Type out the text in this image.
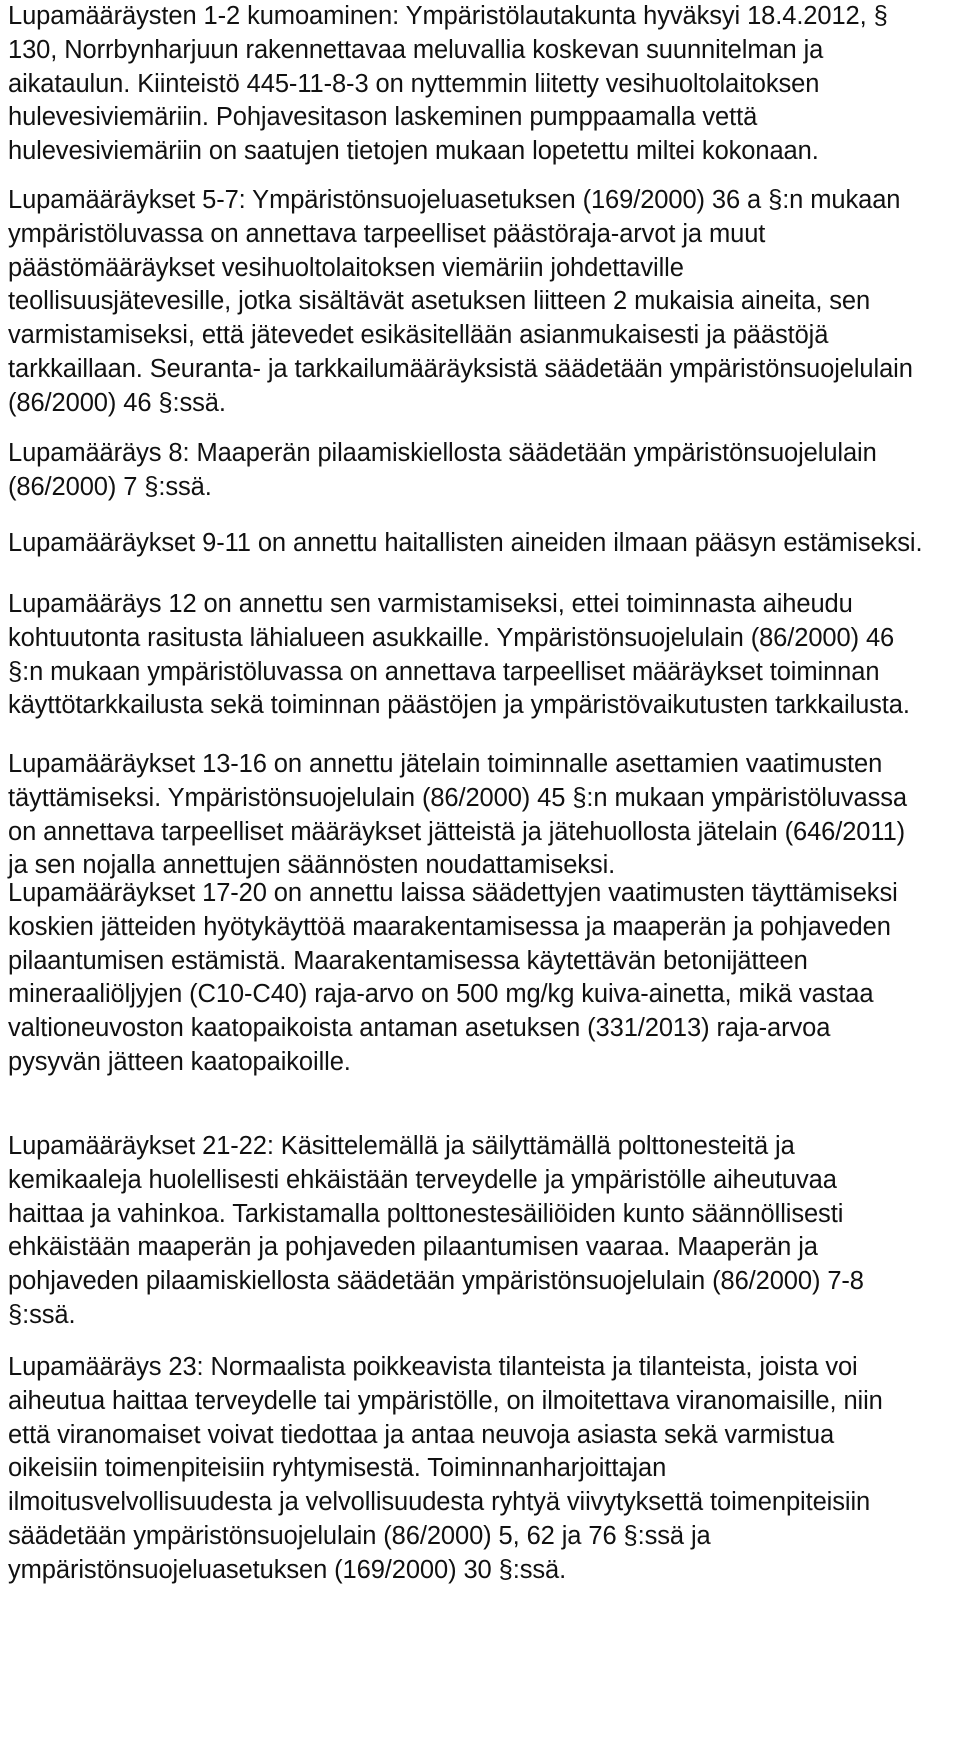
Lupamääräysten 1-2 kumoaminen: Ympäristölautakunta hyväksyi 18.4.2012, §
130, Norrbynharjuun rakennettavaa meluvallia koskevan suunnitelman ja
aikataulun. Kiinteistö 445-11-8-3 on nyttemmin liitetty vesihuoltolaitoksen
hulevesiviemäriin. Pohjavesitason laskeminen pumppaamalla vettä
hulevesiviemäriin on saatujen tietojen mukaan lopetettu miltei kokonaan.

Lupamääräykset 5-7: Ympäristönsuojeluasetuksen (169/2000) 36 a §:n mukaan
ympäristöluvassa on annettava tarpeelliset päästöraja-arvot ja muut
päästömääräykset vesihuoltolaitoksen viemäriin johdettaville
teollisuusjätevesille, jotka sisältävät asetuksen liitteen 2 mukaisia aineita, sen
varmistamiseksi, että jätevedet esikäsitellään asianmukaisesti ja päästöjä
tarkkaillaan. Seuranta- ja tarkkailumääräyksistä säädetään ympäristönsuojelulain
(86/2000) 46 §:ssä.

Lupamääräys 8: Maaperän pilaamiskiellosta säädetään ympäristönsuojelulain
(86/2000) 7 §:ssä.

Lupamääräykset 9-11 on annettu haitallisten aineiden ilmaan pääsyn estämiseksi.

Lupamääräys 12 on annettu sen varmistamiseksi, ettei toiminnasta aiheudu
kohtuutonta rasitusta lähialueen asukkaille. Ympäristönsuojelulain (86/2000) 46
§:n mukaan ympäristöluvassa on annettava tarpeelliset määräykset toiminnan
käyttötarkkailusta sekä toiminnan päästöjen ja ympäristövaikutusten tarkkailusta.

Lupamääräykset 13-16 on annettu jätelain toiminnalle asettamien vaatimusten
täyttämiseksi. Ympäristönsuojelulain (86/2000) 45 §:n mukaan ympäristöluvassa
on annettava tarpeelliset määräykset jätteistä ja jätehuollosta jätelain (646/2011)
ja sen nojalla annettujen säännösten noudattamiseksi.

Lupamääräykset 17-20 on annettu laissa säädettyjen vaatimusten täyttämiseksi
koskien jätteiden hyötykäyttöä maarakentamisessa ja maaperän ja pohjaveden
pilaantumisen estämistä. Maarakentamisessa käytettävän betonijätteen
mineraaliöljyjen (C10-C40) raja-arvo on 500 mg/kg kuiva-ainetta, mikä vastaa
valtioneuvoston kaatopaikoista antaman asetuksen (331/2013) raja-arvoa
pysyvän jätteen kaatopaikoille.

Lupamääräykset 21-22: Käsittelemällä ja säilyttämällä polttonesteitä ja
kemikaaleja huolellisesti ehkäistään terveydelle ja ympäristölle aiheutuvaa
haittaa ja vahinkoa. Tarkistamalla polttonestesäiliöiden kunto säännöllisesti
ehkäistään maaperän ja pohjaveden pilaantumisen vaaraa. Maaperän ja
pohjaveden pilaamiskiellosta säädetään ympäristönsuojelulain (86/2000) 7-8
§:ssä.

Lupamääräys 23: Normaalista poikkeavista tilanteista ja tilanteista, joista voi
aiheutua haittaa terveydelle tai ympäristölle, on ilmoitettava viranomaisille, niin
että viranomaiset voivat tiedottaa ja antaa neuvoja asiasta sekä varmistua
oikeisiin toimenpiteisiin ryhtymisestä. Toiminnanharjoittajan
ilmoitusvelvollisuudesta ja velvollisuudesta ryhtyä viivytyksettä toimenpiteisiin
säädetään ympäristönsuojelulain (86/2000) 5, 62 ja 76 §:ssä ja
ympäristönsuojeluasetuksen (169/2000) 30 §:ssä.
